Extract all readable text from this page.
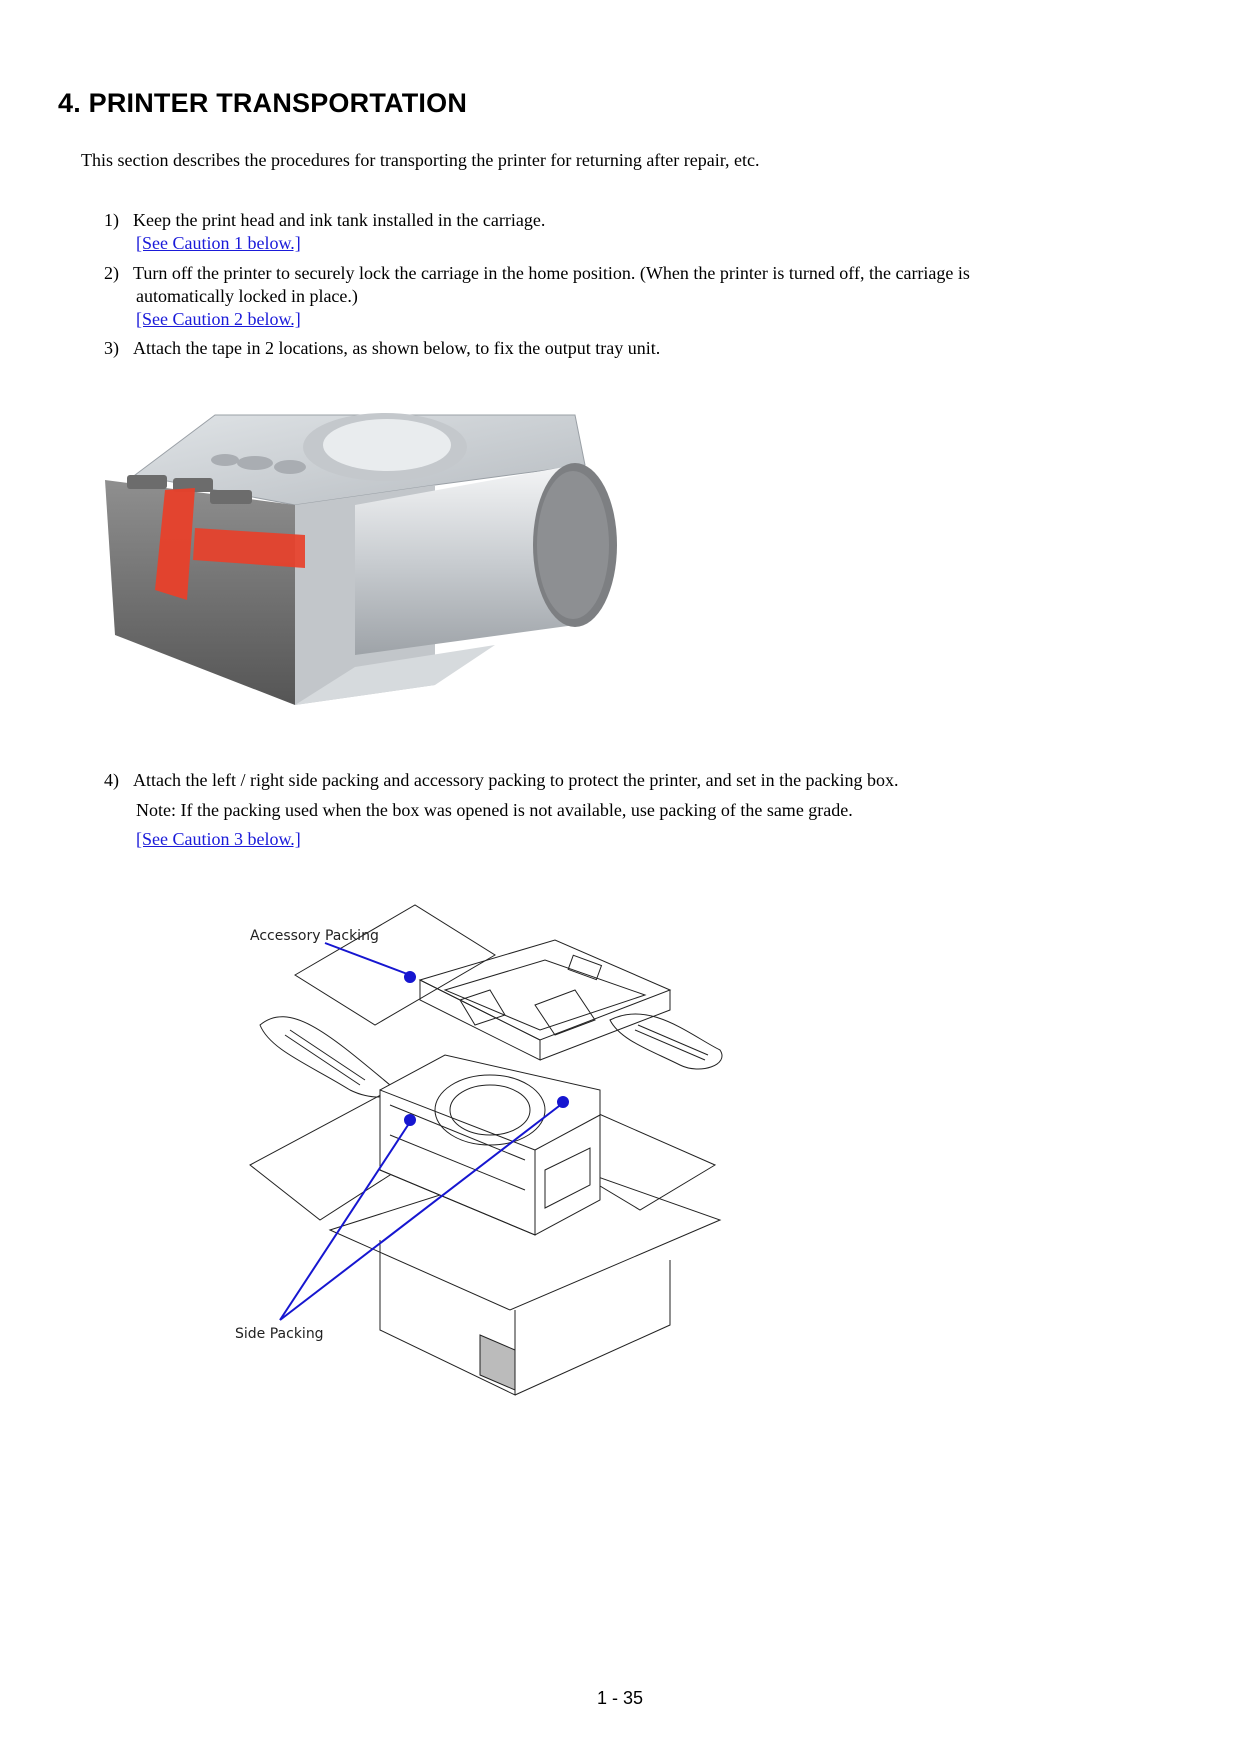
4. PRINTER TRANSPORTATION
This section describes the procedures for transporting the printer for returning after repair, etc.
1) Keep the print head and ink tank installed in the carriage.
[See Caution 1 below.]
2) Turn off the printer to securely lock the carriage in the home position. (When the printer is turned off, the carriage is
automatically locked in place.)
[See Caution 2 below.]
3) Attach the tape in 2 locations, as shown below, to fix the output tray unit.
4) Attach the left / right side packing and accessory packing to protect the printer, and set in the packing box.
Note: If the packing used when the box was opened is not available, use packing of the same grade.
[See Caution 3 below.]
Accessory Packing
Side Packing
1 - 35
